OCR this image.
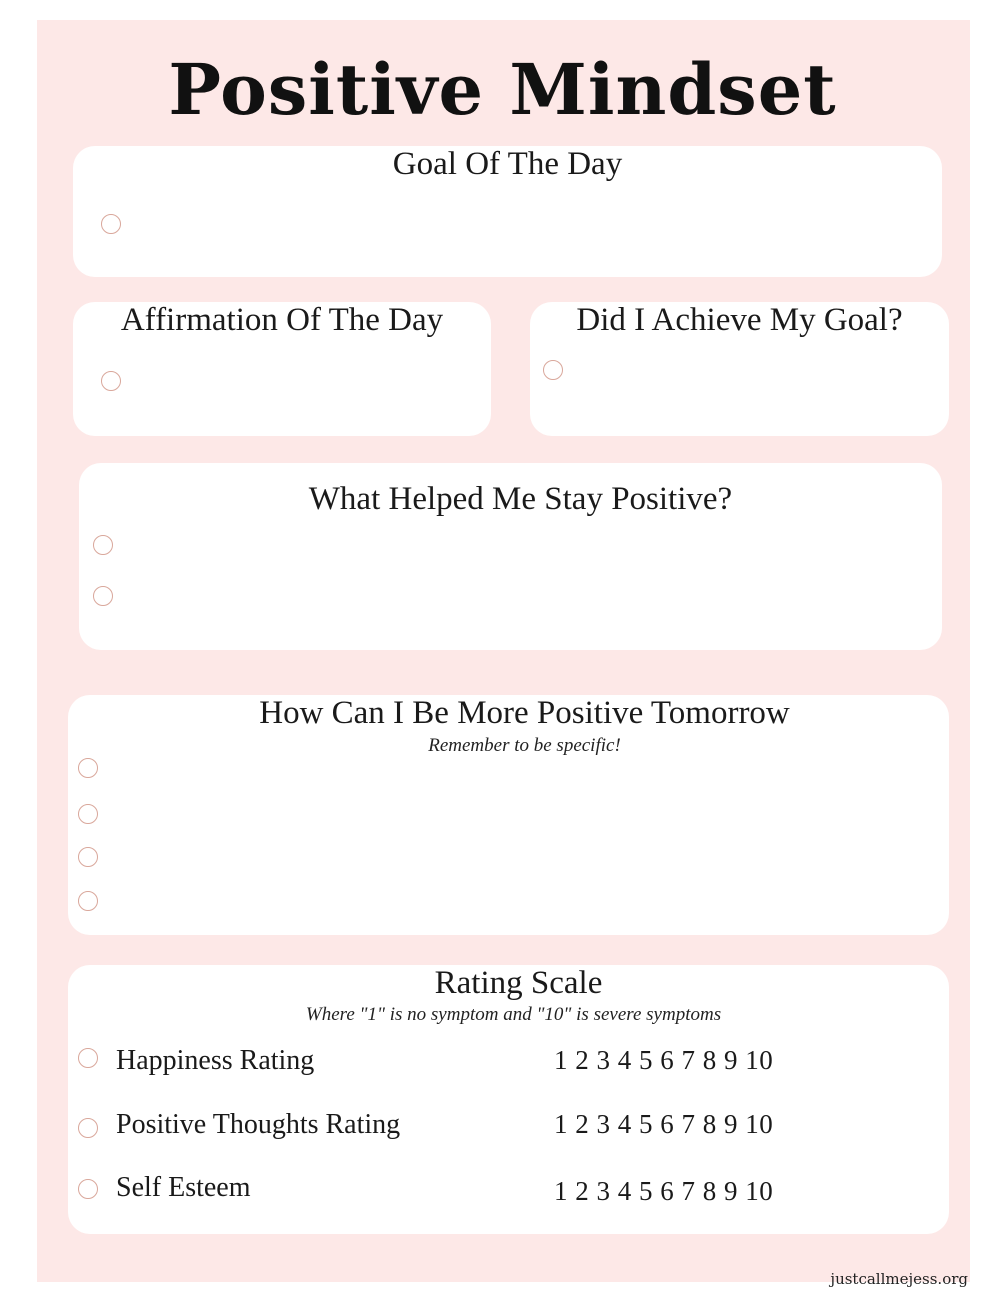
Positive Mindset
Goal Of The Day
Affirmation Of The Day	Did I Achieve My Goal?
What Helped Me Stay Positive?
How Can I Be More Positive Tomorrow
Remember to be specific!
Rating Scale
Where "1" is no symptom and "10" is severe symptoms
Happiness Rating	1 2 3 4 5 6 7 8 9 10
Positive Thoughts Rating	1 2 3 4 5 6 7 8 9 10
Self Esteem	1 2 3 4 5 6 7 8 9 10
justcallmejess.org
